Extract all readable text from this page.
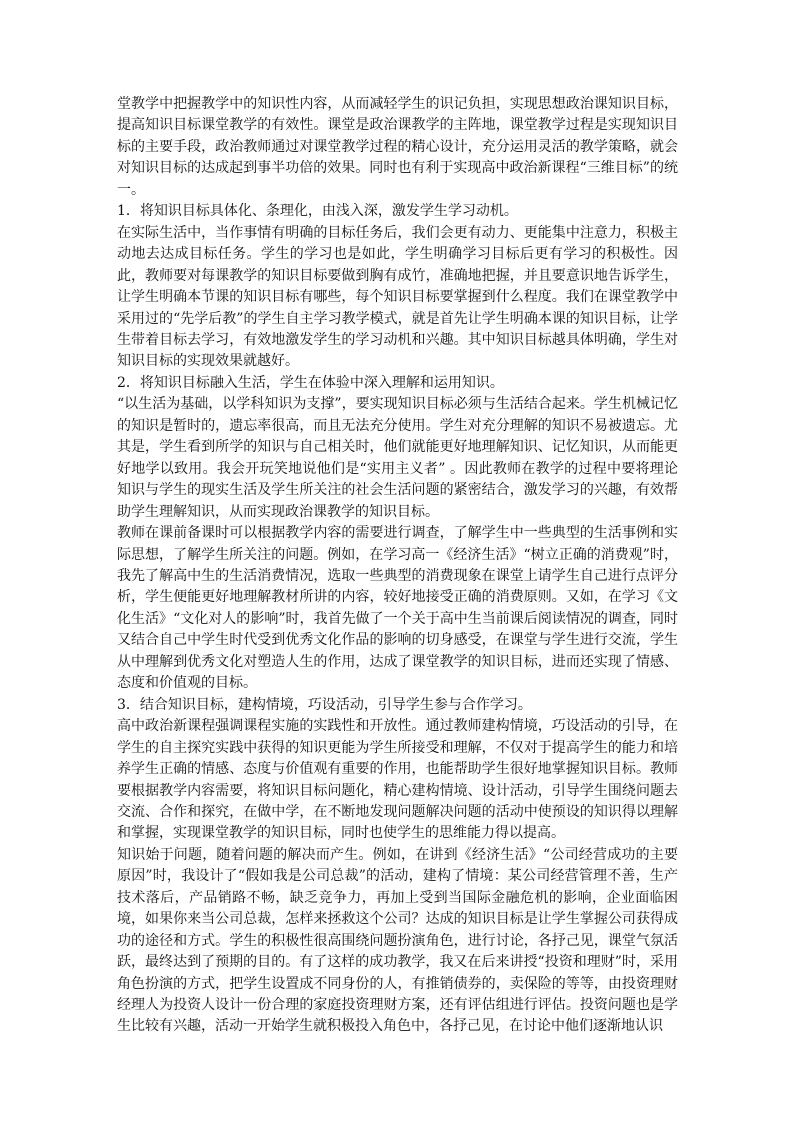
堂教学中把握教学中的知识性内容，从而减轻学生的识记负担，实现思想政治课知识目标，提高知识目标课堂教学的有效性。课堂是政治课教学的主阵地，课堂教学过程是实现知识目标的主要手段，政治教师通过对课堂教学过程的精心设计，充分运用灵活的教学策略，就会对知识目标的达成起到事半功倍的效果。同时也有利于实现高中政治新课程“三维目标”的统一。

1．将知识目标具体化、条理化，由浅入深，激发学生学习动机。

在实际生活中，当作事情有明确的目标任务后，我们会更有动力、更能集中注意力，积极主动地去达成目标任务。学生的学习也是如此，学生明确学习目标后更有学习的积极性。因此，教师要对每课教学的知识目标要做到胸有成竹，准确地把握，并且要意识地告诉学生，让学生明确本节课的知识目标有哪些，每个知识目标要掌握到什么程度。我们在课堂教学中采用过的“先学后教”的学生自主学习教学模式，就是首先让学生明确本课的知识目标，让学生带着目标去学习，有效地激发学生的学习动机和兴趣。其中知识目标越具体明确，学生对知识目标的实现效果就越好。

2．将知识目标融入生活，学生在体验中深入理解和运用知识。

“以生活为基础，以学科知识为支撑”，要实现知识目标必须与生活结合起来。学生机械记忆的知识是暂时的，遗忘率很高，而且无法充分使用。学生对充分理解的知识不易被遗忘。尤其是，学生看到所学的知识与自己相关时，他们就能更好地理解知识、记忆知识，从而能更好地学以致用。我会开玩笑地说他们是“实用主义者” 。因此教师在教学的过程中要将理论知识与学生的现实生活及学生所关注的社会生活问题的紧密结合，激发学习的兴趣，有效帮助学生理解知识，从而实现政治课教学的知识目标。

教师在课前备课时可以根据教学内容的需要进行调查，了解学生中一些典型的生活事例和实际思想，了解学生所关注的问题。例如，在学习高一《经济生活》“树立正确的消费观”时，我先了解高中生的生活消费情况，选取一些典型的消费现象在课堂上请学生自己进行点评分析，学生便能更好地理解教材所讲的内容，较好地接受正确的消费原则。又如，在学习《文化生活》“文化对人的影响”时，我首先做了一个关于高中生当前课后阅读情况的调查，同时又结合自己中学生时代受到优秀文化作品的影响的切身感受，在课堂与学生进行交流，学生从中理解到优秀文化对塑造人生的作用，达成了课堂教学的知识目标，进而还实现了情感、态度和价值观的目标。

3．结合知识目标，建构情境，巧设活动，引导学生参与合作学习。

高中政治新课程强调课程实施的实践性和开放性。通过教师建构情境，巧设活动的引导，在学生的自主探究实践中获得的知识更能为学生所接受和理解，不仅对于提高学生的能力和培养学生正确的情感、态度与价值观有重要的作用，也能帮助学生很好地掌握知识目标。教师要根据教学内容需要，将知识目标问题化，精心建构情境、设计活动，引导学生围绕问题去交流、合作和探究，在做中学，在不断地发现问题解决问题的活动中使预设的知识得以理解和掌握，实现课堂教学的知识目标，同时也使学生的思维能力得以提高。

知识始于问题，随着问题的解决而产生。例如，在讲到《经济生活》“公司经营成功的主要原因”时，我设计了“假如我是公司总裁”的活动，建构了情境：某公司经营管理不善，生产技术落后，产品销路不畅，缺乏竞争力，再加上受到当国际金融危机的影响，企业面临困境，如果你来当公司总裁，怎样来拯救这个公司？达成的知识目标是让学生掌握公司获得成功的途径和方式。学生的积极性很高围绕问题扮演角色，进行讨论，各抒己见，课堂气氛活跃，最终达到了预期的目的。有了这样的成功教学，我又在后来讲授“投资和理财”时，采用角色扮演的方式，把学生设置成不同身份的人，有推销债券的，卖保险的等等，由投资理财经理人为投资人设计一份合理的家庭投资理财方案，还有评估组进行评估。投资问题也是学生比较有兴趣，活动一开始学生就积极投入角色中，各抒己见，在讨论中他们逐渐地认识
